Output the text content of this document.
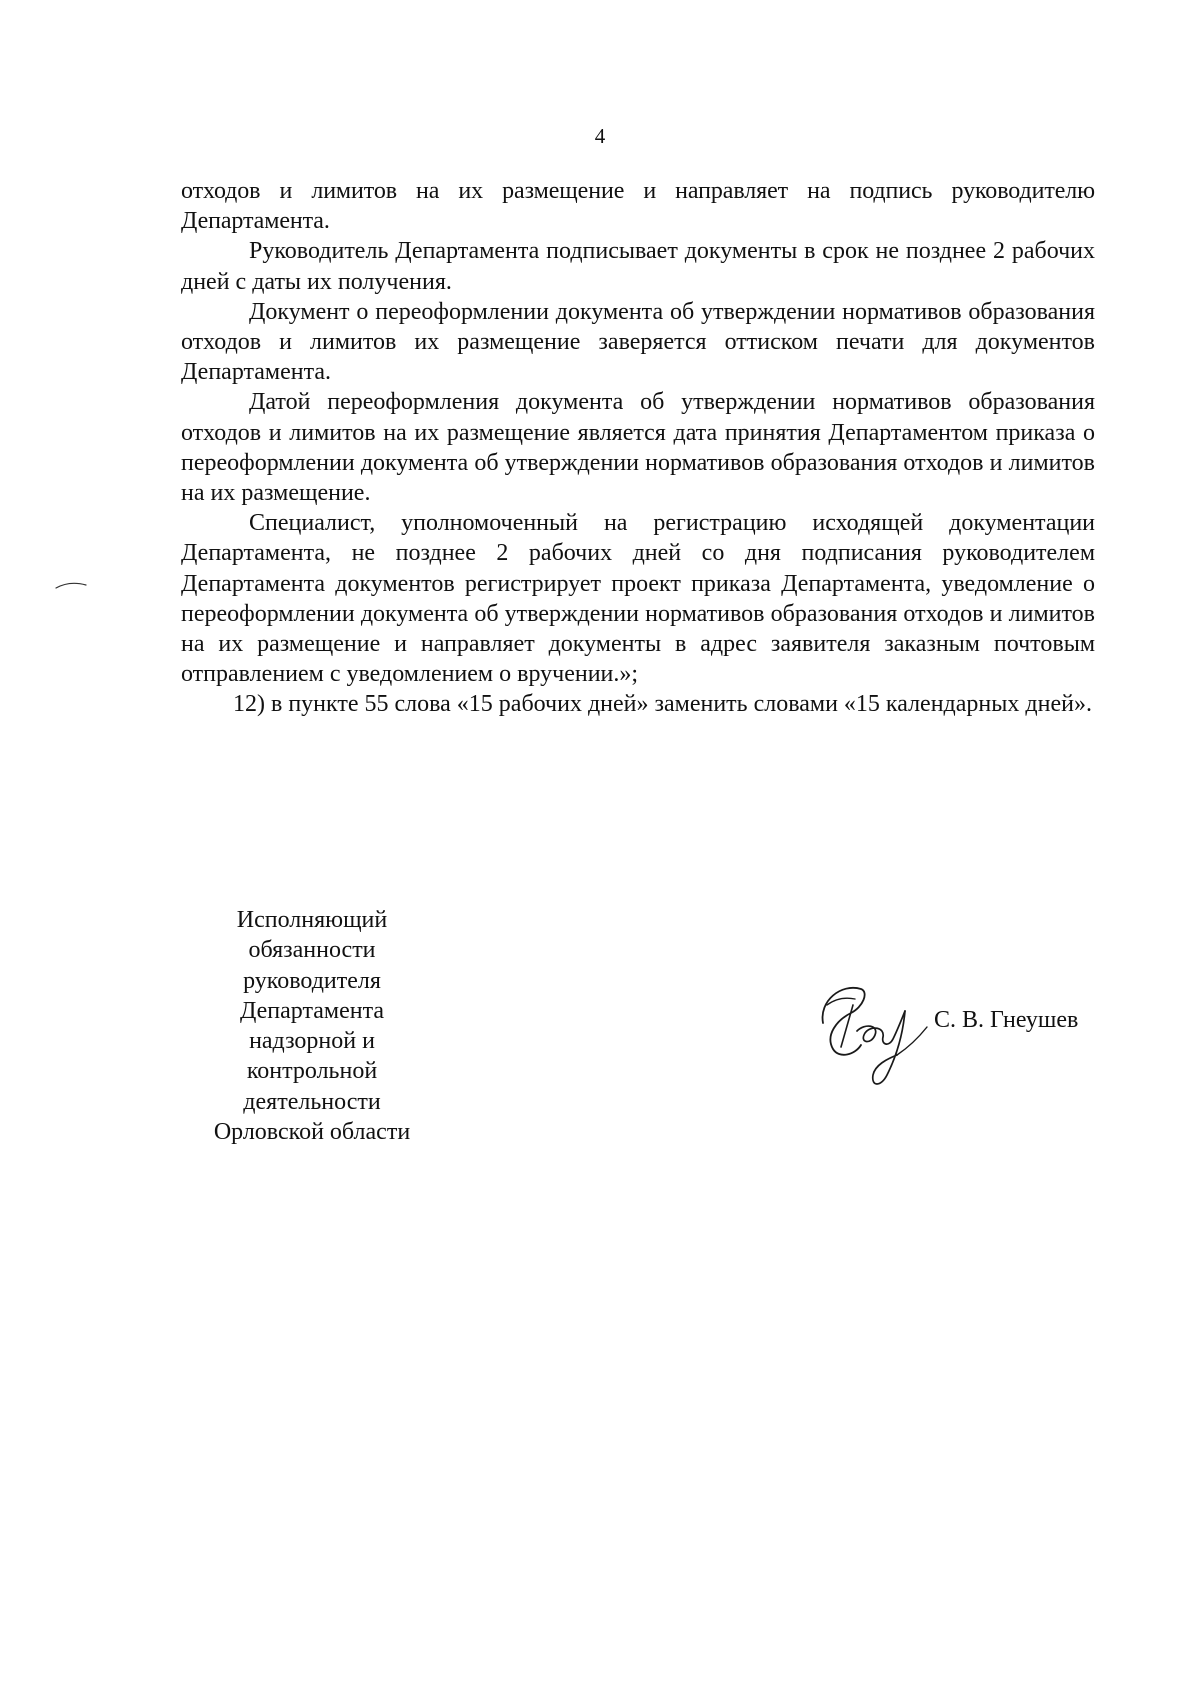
4

отходов и лимитов на их размещение и направляет на подпись руководителю Департамента.

Руководитель Департамента подписывает документы в срок не позднее 2 рабочих дней с даты их получения.

Документ о переоформлении документа об утверждении нормативов образования отходов и лимитов их размещение заверяется оттиском печати для документов Департамента.

Датой переоформления документа об утверждении нормативов образования отходов и лимитов на их размещение является дата принятия Департаментом приказа о переоформлении документа об утверждении нормативов образования отходов и лимитов на их размещение.

Специалист, уполномоченный на регистрацию исходящей документации Департамента, не позднее 2 рабочих дней со дня подписания руководителем Департамента документов регистрирует проект приказа Департамента, уведомление о переоформлении документа об утверждении нормативов образования отходов и лимитов на их размещение и направляет документы в адрес заявителя заказным почтовым отправлением с уведомлением о вручении.»;

12) в пункте 55 слова «15 рабочих дней» заменить словами «15 календарных дней».

Исполняющий
обязанности
руководителя
Департамента
надзорной и
контрольной
деятельности
Орловской области
С. В. Гнеушев
